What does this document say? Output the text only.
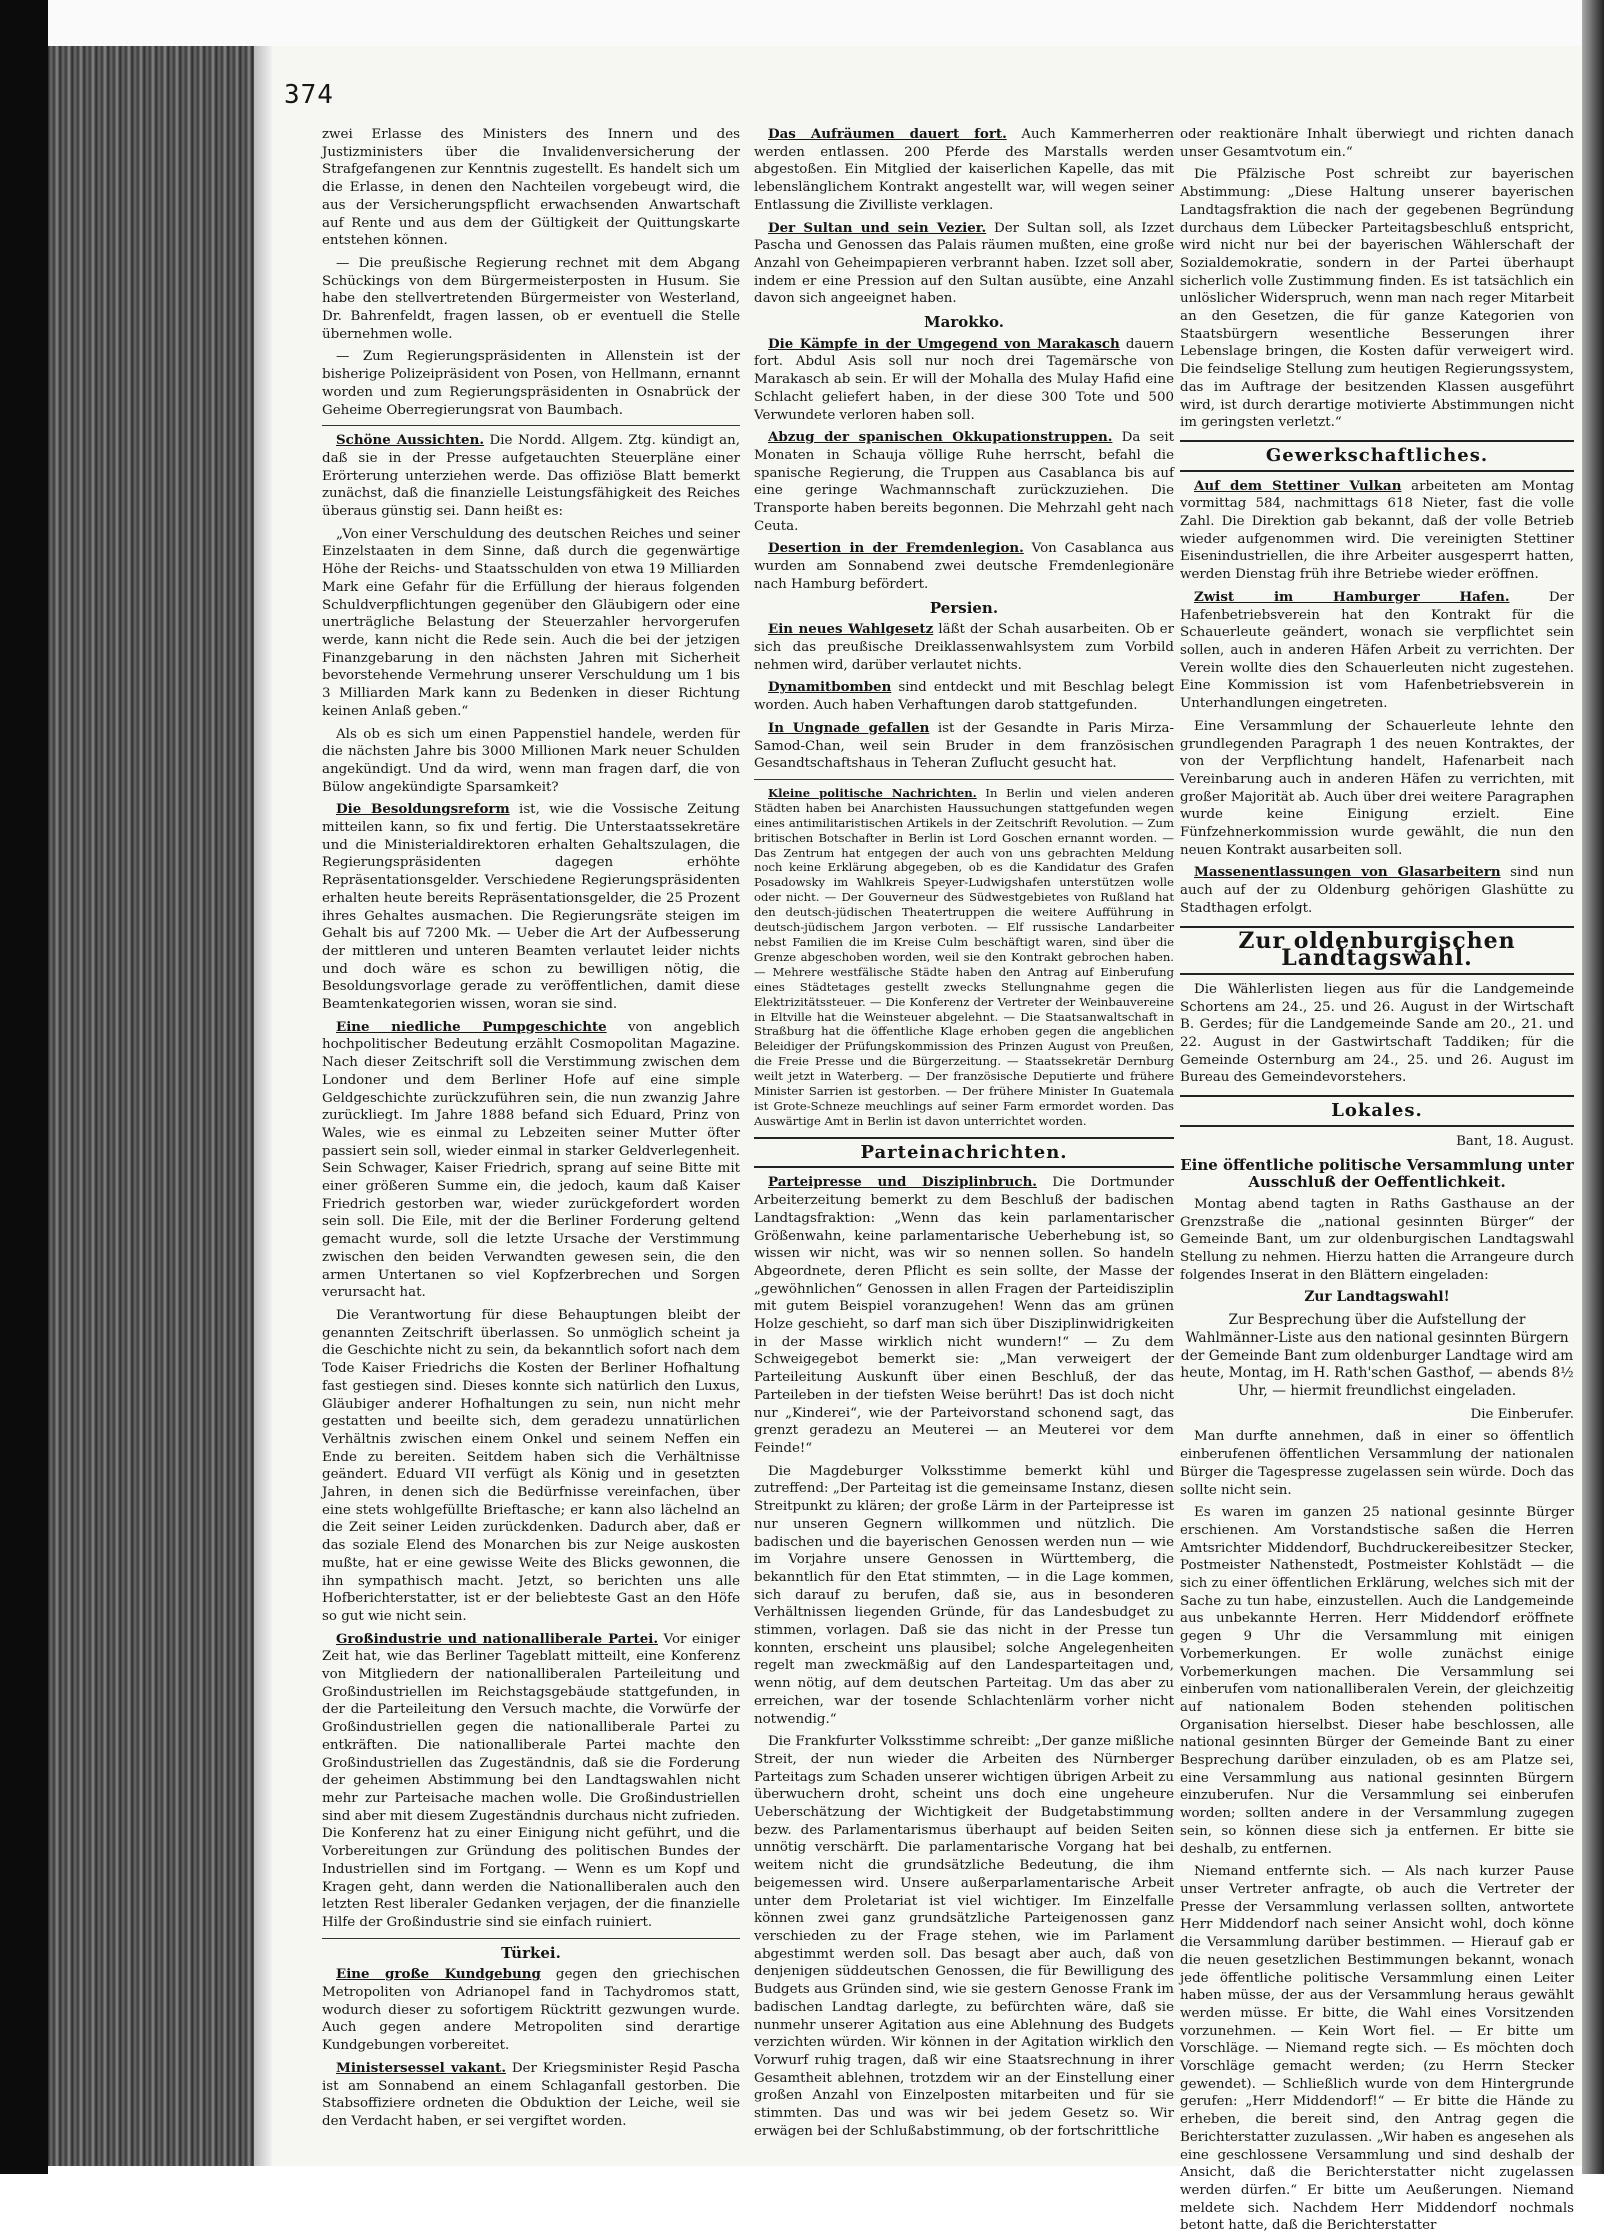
374

zwei Erlasse des Ministers des Innern und des Justizministers über die Invalidenversicherung der Strafgefangenen zur Kenntnis zugestellt. Es handelt sich um die Erlasse, in denen den Nachteilen vorgebeugt wird, die aus der Versicherungspflicht erwachsenden Anwartschaft auf Rente und aus dem der Gültigkeit der Quittungskarte entstehen können.

— Die preußische Regierung rechnet mit dem Abgang Schückings von dem Bürgermeisterposten in Husum. Sie habe den stellvertretenden Bürgermeister von Westerland, Dr. Bahrenfeldt, fragen lassen, ob er eventuell die Stelle übernehmen wolle.

— Zum Regierungspräsidenten in Allenstein ist der bisherige Polizeipräsident von Posen, von Hellmann, ernannt worden und zum Regierungspräsidenten in Osnabrück der Geheime Oberregierungsrat von Baumbach.

Schöne Aussichten. Die Nordd. Allgem. Ztg. kündigt an, daß sie in der Presse aufgetauchten Steuerpläne einer Erörterung unterziehen werde. Das offiziöse Blatt bemerkt zunächst, daß die finanzielle Leistungsfähigkeit des Reiches überaus günstig sei. Dann heißt es:

„Von einer Verschuldung des deutschen Reiches und seiner Einzelstaaten in dem Sinne, daß durch die gegenwärtige Höhe der Reichs- und Staatsschulden von etwa 19 Milliarden Mark eine Gefahr für die Erfüllung der hieraus folgenden Schuldverpflichtungen gegenüber den Gläubigern oder eine unerträgliche Belastung der Steuerzahler hervorgerufen werde, kann nicht die Rede sein. Auch die bei der jetzigen Finanzgebarung in den nächsten Jahren mit Sicherheit bevorstehende Vermehrung unserer Verschuldung um 1 bis 3 Milliarden Mark kann zu Bedenken in dieser Richtung keinen Anlaß geben.“

Als ob es sich um einen Pappenstiel handele, werden für die nächsten Jahre bis 3000 Millionen Mark neuer Schulden angekündigt. Und da wird, wenn man fragen darf, die von Bülow angekündigte Sparsamkeit?

Die Besoldungsreform ist, wie die Vossische Zeitung mitteilen kann, so fix und fertig. Die Unterstaatssekretäre und die Ministerialdirektoren erhalten Gehaltszulagen, die Regierungspräsidenten dagegen erhöhte Repräsentationsgelder. Verschiedene Regierungspräsidenten erhalten heute bereits Repräsentationsgelder, die 25 Prozent ihres Gehaltes ausmachen. Die Regierungsräte steigen im Gehalt bis auf 7200 Mk. — Ueber die Art der Aufbesserung der mittleren und unteren Beamten verlautet leider nichts und doch wäre es schon zu bewilligen nötig, die Besoldungsvorlage gerade zu veröffentlichen, damit diese Beamtenkategorien wissen, woran sie sind.

Eine niedliche Pumpgeschichte von angeblich hochpolitischer Bedeutung erzählt Cosmopolitan Magazine. Nach dieser Zeitschrift soll die Verstimmung zwischen dem Londoner und dem Berliner Hofe auf eine simple Geldgeschichte zurückzuführen sein, die nun zwanzig Jahre zurückliegt. Im Jahre 1888 befand sich Eduard, Prinz von Wales, wie es einmal zu Lebzeiten seiner Mutter öfter passiert sein soll, wieder einmal in starker Geldverlegenheit. Sein Schwager, Kaiser Friedrich, sprang auf seine Bitte mit einer größeren Summe ein, die jedoch, kaum daß Kaiser Friedrich gestorben war, wieder zurückgefordert worden sein soll. Die Eile, mit der die Berliner Forderung geltend gemacht wurde, soll die letzte Ursache der Verstimmung zwischen den beiden Verwandten gewesen sein, die den armen Untertanen so viel Kopfzerbrechen und Sorgen verursacht hat.

Die Verantwortung für diese Behauptungen bleibt der genannten Zeitschrift überlassen. So unmöglich scheint ja die Geschichte nicht zu sein, da bekanntlich sofort nach dem Tode Kaiser Friedrichs die Kosten der Berliner Hofhaltung fast gestiegen sind. Dieses konnte sich natürlich den Luxus, Gläubiger anderer Hofhaltungen zu sein, nun nicht mehr gestatten und beeilte sich, dem geradezu unnatürlichen Verhältnis zwischen einem Onkel und seinem Neffen ein Ende zu bereiten. Seitdem haben sich die Verhältnisse geändert. Eduard VII verfügt als König und in gesetzten Jahren, in denen sich die Bedürfnisse vereinfachen, über eine stets wohlgefüllte Brieftasche; er kann also lächelnd an die Zeit seiner Leiden zurückdenken. Dadurch aber, daß er das soziale Elend des Monarchen bis zur Neige auskosten mußte, hat er eine gewisse Weite des Blicks gewonnen, die ihn sympathisch macht. Jetzt, so berichten uns alle Hofberichterstatter, ist er der beliebteste Gast an den Höfe so gut wie nicht sein.

Großindustrie und nationalliberale Partei. Vor einiger Zeit hat, wie das Berliner Tageblatt mitteilt, eine Konferenz von Mitgliedern der nationalliberalen Parteileitung und Großindustriellen im Reichstagsgebäude stattgefunden, in der die Parteileitung den Versuch machte, die Vorwürfe der Großindustriellen gegen die nationalliberale Partei zu entkräften. Die nationalliberale Partei machte den Großindustriellen das Zugeständnis, daß sie die Forderung der geheimen Abstimmung bei den Landtagswahlen nicht mehr zur Parteisache machen wolle. Die Großindustriellen sind aber mit diesem Zugeständnis durchaus nicht zufrieden. Die Konferenz hat zu einer Einigung nicht geführt, und die Vorbereitungen zur Gründung des politischen Bundes der Industriellen sind im Fortgang. — Wenn es um Kopf und Kragen geht, dann werden die Nationalliberalen auch den letzten Rest liberaler Gedanken verjagen, der die finanzielle Hilfe der Großindustrie sind sie einfach ruiniert.

Türkei.

Eine große Kundgebung gegen den griechischen Metropoliten von Adrianopel fand in Tachydromos statt, wodurch dieser zu sofortigem Rücktritt gezwungen wurde. Auch gegen andere Metropoliten sind derartige Kundgebungen vorbereitet.

Ministersessel vakant. Der Kriegsminister Reşid Pascha ist am Sonnabend an einem Schlaganfall gestorben. Die Stabsoffiziere ordneten die Obduktion der Leiche, weil sie den Verdacht haben, er sei vergiftet worden.

Das Aufräumen dauert fort. Auch Kammerherren werden entlassen. 200 Pferde des Marstalls werden abgestoßen. Ein Mitglied der kaiserlichen Kapelle, das mit lebenslänglichem Kontrakt angestellt war, will wegen seiner Entlassung die Zivilliste verklagen.

Der Sultan und sein Vezier. Der Sultan soll, als Izzet Pascha und Genossen das Palais räumen mußten, eine große Anzahl von Geheimpapieren verbrannt haben. Izzet soll aber, indem er eine Pression auf den Sultan ausübte, eine Anzahl davon sich angeeignet haben.

Marokko.

Die Kämpfe in der Umgegend von Marakasch dauern fort. Abdul Asis soll nur noch drei Tagemärsche von Marakasch ab sein. Er will der Mohalla des Mulay Hafid eine Schlacht geliefert haben, in der diese 300 Tote und 500 Verwundete verloren haben soll.

Abzug der spanischen Okkupationstruppen. Da seit Monaten in Schauja völlige Ruhe herrscht, befahl die spanische Regierung, die Truppen aus Casablanca bis auf eine geringe Wachmannschaft zurückzuziehen. Die Transporte haben bereits begonnen. Die Mehrzahl geht nach Ceuta.

Desertion in der Fremdenlegion. Von Casablanca aus wurden am Sonnabend zwei deutsche Fremdenlegionäre nach Hamburg befördert.

Persien.

Ein neues Wahlgesetz läßt der Schah ausarbeiten. Ob er sich das preußische Dreiklassenwahlsystem zum Vorbild nehmen wird, darüber verlautet nichts.

Dynamitbomben sind entdeckt und mit Beschlag belegt worden. Auch haben Verhaftungen darob stattgefunden.

In Ungnade gefallen ist der Gesandte in Paris Mirza-Samod-Chan, weil sein Bruder in dem französischen Gesandtschaftshaus in Teheran Zuflucht gesucht hat.

Kleine politische Nachrichten. In Berlin und vielen anderen Städten haben bei Anarchisten Haussuchungen stattgefunden wegen eines antimilitaristischen Artikels in der Zeitschrift Revolution. — Zum britischen Botschafter in Berlin ist Lord Goschen ernannt worden. — Das Zentrum hat entgegen der auch von uns gebrachten Meldung noch keine Erklärung abgegeben, ob es die Kandidatur des Grafen Posadowsky im Wahlkreis Speyer-Ludwigshafen unterstützen wolle oder nicht. — Der Gouverneur des Südwestgebietes von Rußland hat den deutsch-jüdischen Theatertruppen die weitere Aufführung in deutsch-jüdischem Jargon verboten. — Elf russische Landarbeiter nebst Familien die im Kreise Culm beschäftigt waren, sind über die Grenze abgeschoben worden, weil sie den Kontrakt gebrochen haben. — Mehrere westfälische Städte haben den Antrag auf Einberufung eines Städtetages gestellt zwecks Stellungnahme gegen die Elektrizitätssteuer. — Die Konferenz der Vertreter der Weinbauvereine in Eltville hat die Weinsteuer abgelehnt. — Die Staatsanwaltschaft in Straßburg hat die öffentliche Klage erhoben gegen die angeblichen Beleidiger der Prüfungskommission des Prinzen August von Preußen, die Freie Presse und die Bürgerzeitung. — Staatssekretär Dernburg weilt jetzt in Waterberg. — Der französische Deputierte und frühere Minister Sarrien ist gestorben. — Der frühere Minister In Guatemala ist Grote-Schneze meuchlings auf seiner Farm ermordet worden. Das Auswärtige Amt in Berlin ist davon unterrichtet worden.

Parteinachrichten.

Parteipresse und Disziplinbruch. Die Dortmunder Arbeiterzeitung bemerkt zu dem Beschluß der badischen Landtagsfraktion: „Wenn das kein parlamentarischer Größenwahn, keine parlamentarische Ueberhebung ist, so wissen wir nicht, was wir so nennen sollen. So handeln Abgeordnete, deren Pflicht es sein sollte, der Masse der „gewöhnlichen“ Genossen in allen Fragen der Parteidisziplin mit gutem Beispiel voranzugehen! Wenn das am grünen Holze geschieht, so darf man sich über Disziplinwidrigkeiten in der Masse wirklich nicht wundern!“ — Zu dem Schweigegebot bemerkt sie: „Man verweigert der Parteileitung Auskunft über einen Beschluß, der das Parteileben in der tiefsten Weise berührt! Das ist doch nicht nur „Kinderei“, wie der Parteivorstand schonend sagt, das grenzt geradezu an Meuterei — an Meuterei vor dem Feinde!“

Die Magdeburger Volksstimme bemerkt kühl und zutreffend: „Der Parteitag ist die gemeinsame Instanz, diesen Streitpunkt zu klären; der große Lärm in der Parteipresse ist nur unseren Gegnern willkommen und nützlich. Die badischen und die bayerischen Genossen werden nun — wie im Vorjahre unsere Genossen in Württemberg, die bekanntlich für den Etat stimmten, — in die Lage kommen, sich darauf zu berufen, daß sie, aus in besonderen Verhältnissen liegenden Gründe, für das Landesbudget zu stimmen, vorlagen. Daß sie das nicht in der Presse tun konnten, erscheint uns plausibel; solche Angelegenheiten regelt man zweckmäßig auf den Landesparteitagen und, wenn nötig, auf dem deutschen Parteitag. Um das aber zu erreichen, war der tosende Schlachtenlärm vorher nicht notwendig.“

Die Frankfurter Volksstimme schreibt: „Der ganze mißliche Streit, der nun wieder die Arbeiten des Nürnberger Parteitags zum Schaden unserer wichtigen übrigen Arbeit zu überwuchern droht, scheint uns doch eine ungeheure Ueberschätzung der Wichtigkeit der Budgetabstimmung bezw. des Parlamentarismus überhaupt auf beiden Seiten unnötig verschärft. Die parlamentarische Vorgang hat bei weitem nicht die grundsätzliche Bedeutung, die ihm beigemessen wird. Unsere außerparlamentarische Arbeit unter dem Proletariat ist viel wichtiger. Im Einzelfalle können zwei ganz grundsätzliche Parteigenossen ganz verschieden zu der Frage stehen, wie im Parlament abgestimmt werden soll. Das besagt aber auch, daß von denjenigen süddeutschen Genossen, die für Bewilligung des Budgets aus Gründen sind, wie sie gestern Genosse Frank im badischen Landtag darlegte, zu befürchten wäre, daß sie nunmehr unserer Agitation aus eine Ablehnung des Budgets verzichten würden. Wir können in der Agitation wirklich den Vorwurf ruhig tragen, daß wir eine Staatsrechnung in ihrer Gesamtheit ablehnen, trotzdem wir an der Einstellung einer großen Anzahl von Einzelposten mitarbeiten und für sie stimmten. Das und was wir bei jedem Gesetz so. Wir erwägen bei der Schlußabstimmung, ob der fortschrittliche

oder reaktionäre Inhalt überwiegt und richten danach unser Gesamtvotum ein.“

Die Pfälzische Post schreibt zur bayerischen Abstimmung: „Diese Haltung unserer bayerischen Landtagsfraktion die nach der gegebenen Begründung durchaus dem Lübecker Parteitagsbeschluß entspricht, wird nicht nur bei der bayerischen Wählerschaft der Sozialdemokratie, sondern in der Partei überhaupt sicherlich volle Zustimmung finden. Es ist tatsächlich ein unlöslicher Widerspruch, wenn man nach reger Mitarbeit an den Gesetzen, die für ganze Kategorien von Staatsbürgern wesentliche Besserungen ihrer Lebenslage bringen, die Kosten dafür verweigert wird. Die feindselige Stellung zum heutigen Regierungssystem, das im Auftrage der besitzenden Klassen ausgeführt wird, ist durch derartige motivierte Abstimmungen nicht im geringsten verletzt.“

Gewerkschaftliches.

Auf dem Stettiner Vulkan arbeiteten am Montag vormittag 584, nachmittags 618 Nieter, fast die volle Zahl. Die Direktion gab bekannt, daß der volle Betrieb wieder aufgenommen wird. Die vereinigten Stettiner Eisenindustriellen, die ihre Arbeiter ausgesperrt hatten, werden Dienstag früh ihre Betriebe wieder eröffnen.

Zwist im Hamburger Hafen. Der Hafenbetriebsverein hat den Kontrakt für die Schauerleute geändert, wonach sie verpflichtet sein sollen, auch in anderen Häfen Arbeit zu verrichten. Der Verein wollte dies den Schauerleuten nicht zugestehen. Eine Kommission ist vom Hafenbetriebsverein in Unterhandlungen eingetreten.

Eine Versammlung der Schauerleute lehnte den grundlegenden Paragraph 1 des neuen Kontraktes, der von der Verpflichtung handelt, Hafenarbeit nach Vereinbarung auch in anderen Häfen zu verrichten, mit großer Majorität ab. Auch über drei weitere Paragraphen wurde keine Einigung erzielt. Eine Fünfzehnerkommission wurde gewählt, die nun den neuen Kontrakt ausarbeiten soll.

Massenentlassungen von Glasarbeitern sind nun auch auf der zu Oldenburg gehörigen Glashütte zu Stadthagen erfolgt.

Zur oldenburgischen Landtagswahl.

Die Wählerlisten liegen aus für die Landgemeinde Schortens am 24., 25. und 26. August in der Wirtschaft B. Gerdes; für die Landgemeinde Sande am 20., 21. und 22. August in der Gastwirtschaft Taddiken; für die Gemeinde Osternburg am 24., 25. und 26. August im Bureau des Gemeindevorstehers.

Lokales.

Bant, 18. August.

Eine öffentliche politische Versammlung unter Ausschluß der Oeffentlichkeit.

Montag abend tagten in Raths Gasthause an der Grenzstraße die „national gesinnten Bürger“ der Gemeinde Bant, um zur oldenburgischen Landtagswahl Stellung zu nehmen. Hierzu hatten die Arrangeure durch folgendes Inserat in den Blättern eingeladen:

Zur Landtagswahl!

Zur Besprechung über die Aufstellung der Wahlmänner-Liste aus den national gesinnten Bürgern der Gemeinde Bant zum oldenburger Landtage wird am heute, Montag, im H. Rath'schen Gasthof, — abends 8½ Uhr, — hiermit freundlichst eingeladen.

Die Einberufer.

Man durfte annehmen, daß in einer so öffentlich einberufenen öffentlichen Versammlung der nationalen Bürger die Tagespresse zugelassen sein würde. Doch das sollte nicht sein.

Es waren im ganzen 25 national gesinnte Bürger erschienen. Am Vorstandstische saßen die Herren Amtsrichter Middendorf, Buchdruckereibesitzer Stecker, Postmeister Nathenstedt, Postmeister Kohlstädt — die sich zu einer öffentlichen Erklärung, welches sich mit der Sache zu tun habe, einzustellen. Auch die Landgemeinde aus unbekannte Herren. Herr Middendorf eröffnete gegen 9 Uhr die Versammlung mit einigen Vorbemerkungen. Er wolle zunächst einige Vorbemerkungen machen. Die Versammlung sei einberufen vom nationalliberalen Verein, der gleichzeitig auf nationalem Boden stehenden politischen Organisation hierselbst. Dieser habe beschlossen, alle national gesinnten Bürger der Gemeinde Bant zu einer Besprechung darüber einzuladen, ob es am Platze sei, eine Versammlung aus national gesinnten Bürgern einzuberufen. Nur die Versammlung sei einberufen worden; sollten andere in der Versammlung zugegen sein, so können diese sich ja entfernen. Er bitte sie deshalb, zu entfernen.

Niemand entfernte sich. — Als nach kurzer Pause unser Vertreter anfragte, ob auch die Vertreter der Presse der Versammlung verlassen sollten, antwortete Herr Middendorf nach seiner Ansicht wohl, doch könne die Versammlung darüber bestimmen. — Hierauf gab er die neuen gesetzlichen Bestimmungen bekannt, wonach jede öffentliche politische Versammlung einen Leiter haben müsse, der aus der Versammlung heraus gewählt werden müsse. Er bitte, die Wahl eines Vorsitzenden vorzunehmen. — Kein Wort fiel. — Er bitte um Vorschläge. — Niemand regte sich. — Es möchten doch Vorschläge gemacht werden; (zu Herrn Stecker gewendet). — Schließlich wurde von dem Hintergrunde gerufen: „Herr Middendorf!“ — Er bitte die Hände zu erheben, die bereit sind, den Antrag gegen die Berichterstatter zuzulassen. „Wir haben es angesehen als eine geschlossene Versammlung und sind deshalb der Ansicht, daß die Berichterstatter nicht zugelassen werden dürfen.“ Er bitte um Aeußerungen. Niemand meldete sich. Nachdem Herr Middendorf nochmals betont hatte, daß die Berichterstatter
